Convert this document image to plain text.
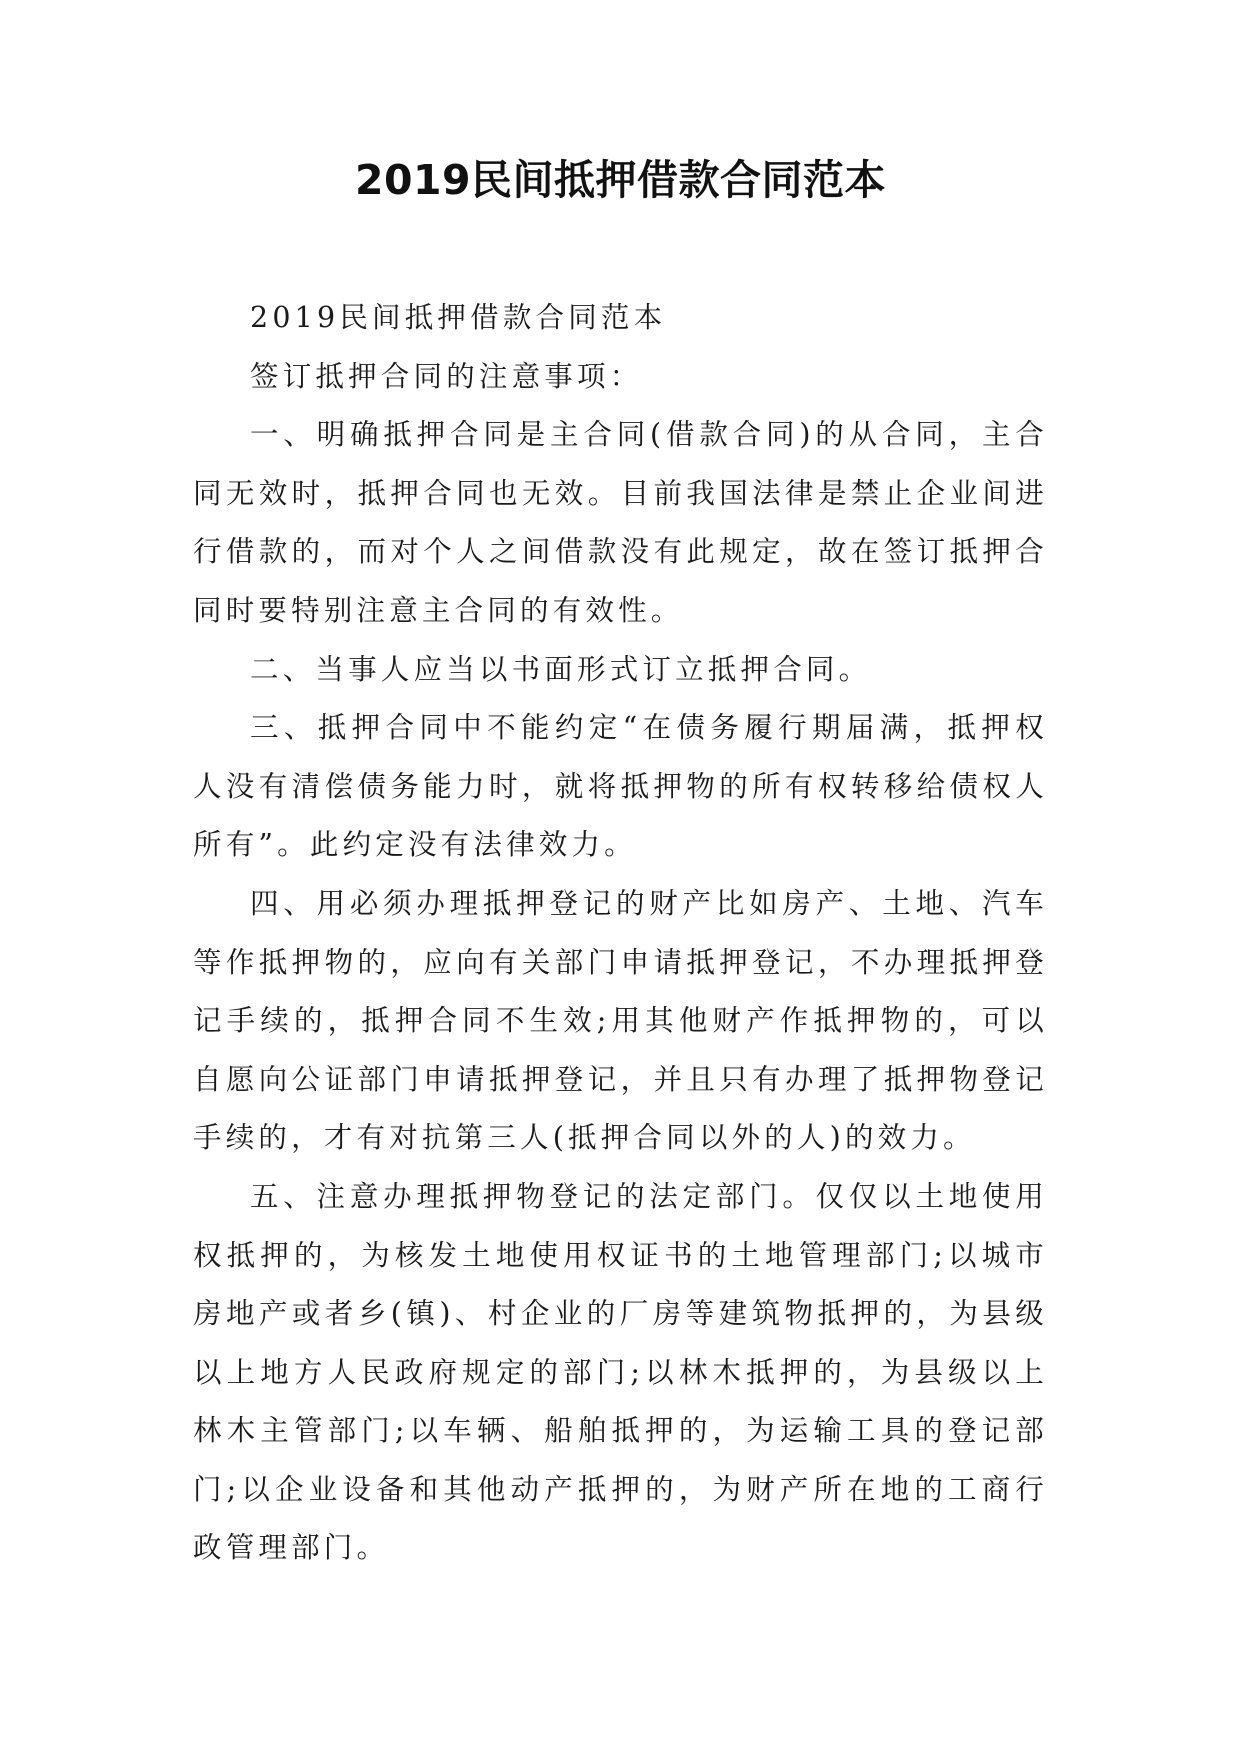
2019民间抵押借款合同范本

2019民间抵押借款合同范本

签订抵押合同的注意事项：

一、明确抵押合同是主合同(借款合同)的从合同，主合同无效时，抵押合同也无效。目前我国法律是禁止企业间进行借款的，而对个人之间借款没有此规定，故在签订抵押合同时要特别注意主合同的有效性。

二、当事人应当以书面形式订立抵押合同。

三、抵押合同中不能约定“在债务履行期届满，抵押权人没有清偿债务能力时，就将抵押物的所有权转移给债权人所有”。此约定没有法律效力。

四、用必须办理抵押登记的财产比如房产、土地、汽车等作抵押物的，应向有关部门申请抵押登记，不办理抵押登记手续的，抵押合同不生效;用其他财产作抵押物的，可以自愿向公证部门申请抵押登记，并且只有办理了抵押物登记手续的，才有对抗第三人(抵押合同以外的人)的效力。

五、注意办理抵押物登记的法定部门。仅仅以土地使用权抵押的，为核发土地使用权证书的土地管理部门;以城市房地产或者乡(镇)、村企业的厂房等建筑物抵押的，为县级以上地方人民政府规定的部门;以林木抵押的，为县级以上林木主管部门;以车辆、船舶抵押的，为运输工具的登记部门;以企业设备和其他动产抵押的，为财产所在地的工商行政管理部门。
